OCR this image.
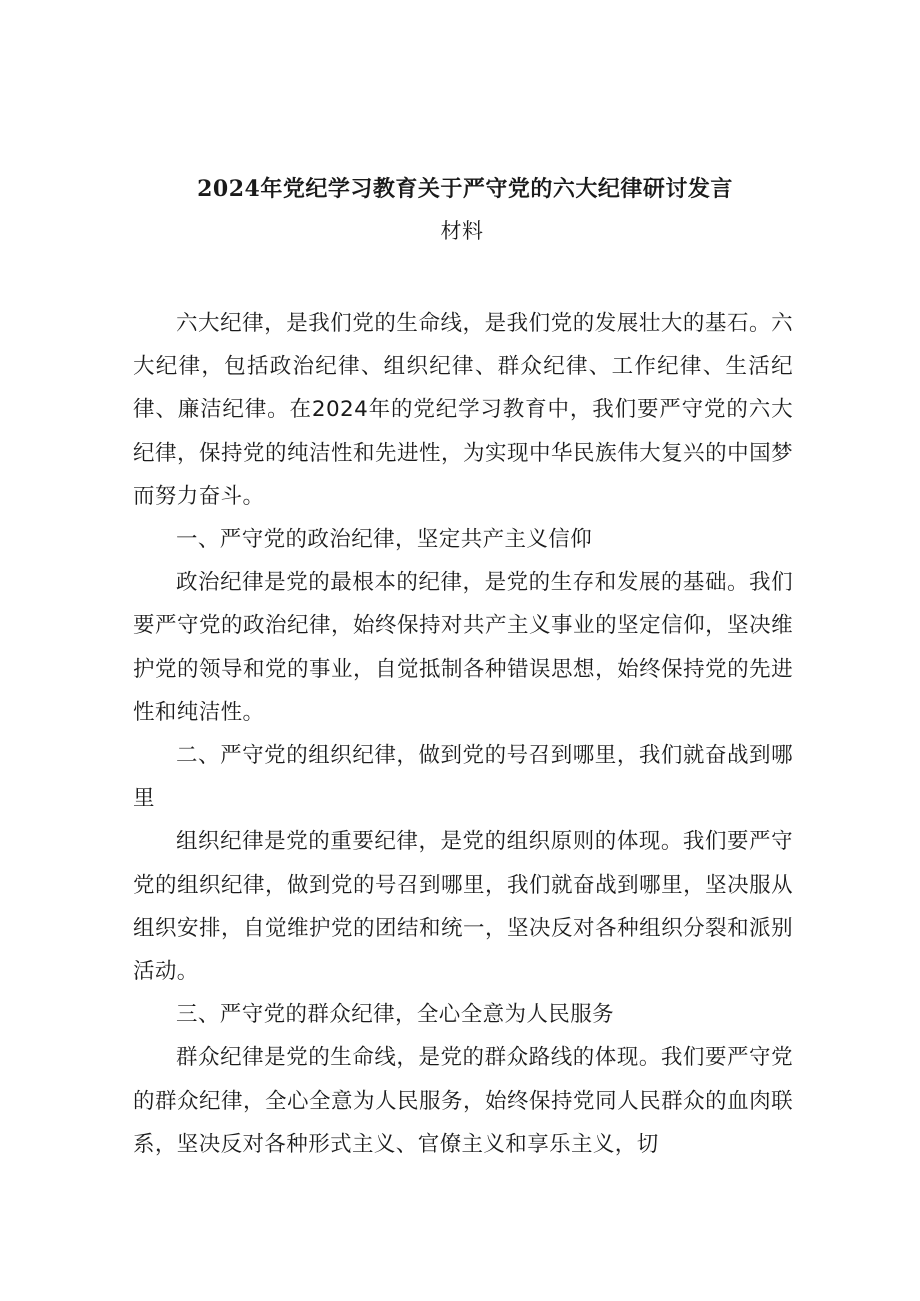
2024年党纪学习教育关于严守党的六大纪律研讨发言
材料

六大纪律，是我们党的生命线，是我们党的发展壮大的基石。六大纪律，包括政治纪律、组织纪律、群众纪律、工作纪律、生活纪律、廉洁纪律。在2024年的党纪学习教育中，我们要严守党的六大纪律，保持党的纯洁性和先进性，为实现中华民族伟大复兴的中国梦而努力奋斗。

一、严守党的政治纪律，坚定共产主义信仰

政治纪律是党的最根本的纪律，是党的生存和发展的基础。我们要严守党的政治纪律，始终保持对共产主义事业的坚定信仰，坚决维护党的领导和党的事业，自觉抵制各种错误思想，始终保持党的先进性和纯洁性。

二、严守党的组织纪律，做到党的号召到哪里，我们就奋战到哪里

组织纪律是党的重要纪律，是党的组织原则的体现。我们要严守党的组织纪律，做到党的号召到哪里，我们就奋战到哪里，坚决服从组织安排，自觉维护党的团结和统一，坚决反对各种组织分裂和派别活动。

三、严守党的群众纪律，全心全意为人民服务

群众纪律是党的生命线，是党的群众路线的体现。我们要严守党的群众纪律，全心全意为人民服务，始终保持党同人民群众的血肉联系，坚决反对各种形式主义、官僚主义和享乐主义，切
